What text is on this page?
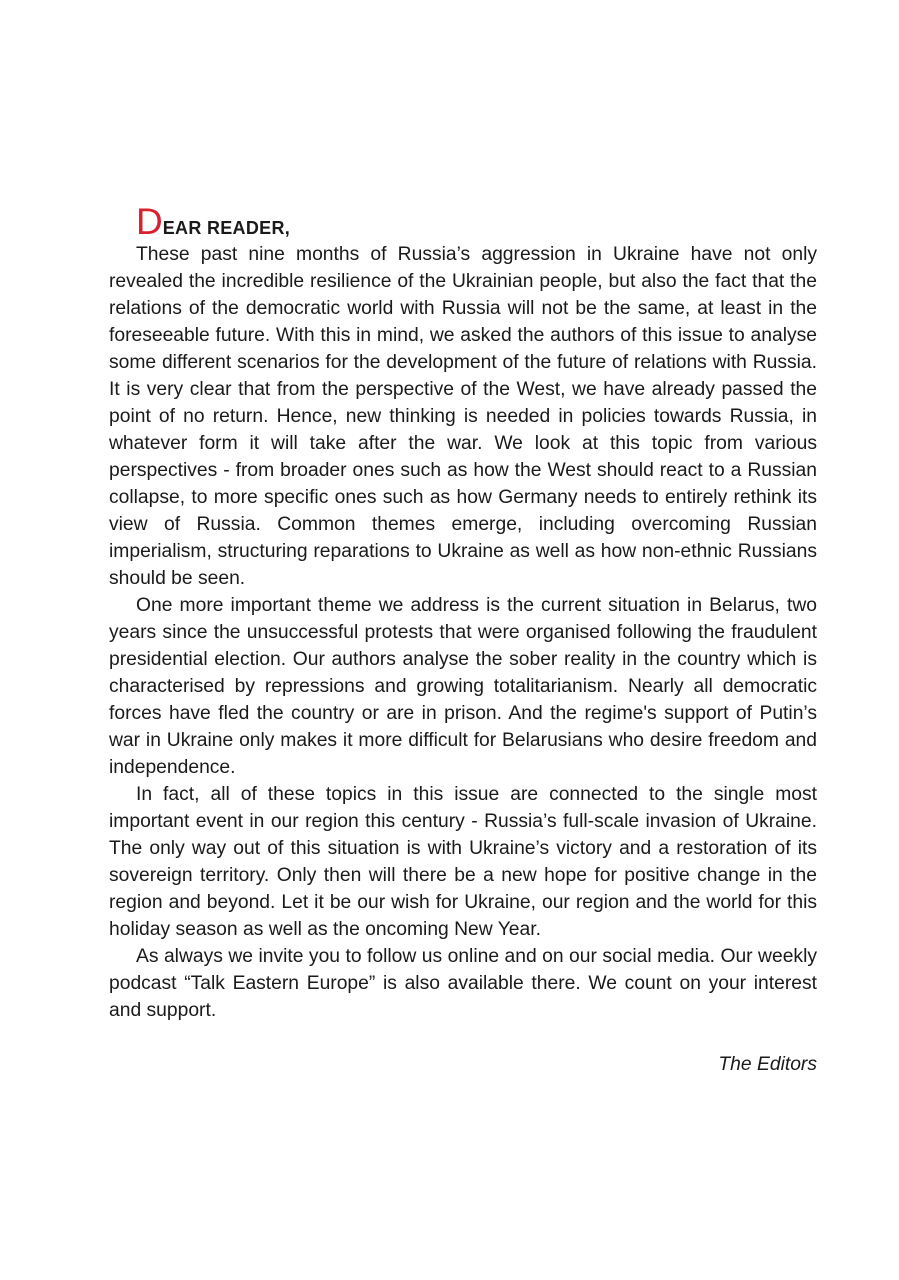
DEAR READER,

These past nine months of Russia’s aggression in Ukraine have not only revealed the incredible resilience of the Ukrainian people, but also the fact that the relations of the democratic world with Russia will not be the same, at least in the foreseeable future. With this in mind, we asked the authors of this issue to analyse some different scenarios for the development of the future of relations with Russia. It is very clear that from the perspective of the West, we have already passed the point of no return. Hence, new thinking is needed in policies towards Russia, in whatever form it will take after the war. We look at this topic from various perspectives - from broader ones such as how the West should react to a Russian collapse, to more specific ones such as how Germany needs to entirely rethink its view of Russia. Common themes emerge, including overcoming Russian imperialism, structuring reparations to Ukraine as well as how non-ethnic Russians should be seen.

One more important theme we address is the current situation in Belarus, two years since the unsuccessful protests that were organised following the fraudulent presidential election. Our authors analyse the sober reality in the country which is characterised by repressions and growing totalitarianism. Nearly all democratic forces have fled the country or are in prison. And the regime's support of Putin’s war in Ukraine only makes it more difficult for Belarusians who desire freedom and independence.

In fact, all of these topics in this issue are connected to the single most important event in our region this century - Russia’s full-scale invasion of Ukraine. The only way out of this situation is with Ukraine’s victory and a restoration of its sovereign territory. Only then will there be a new hope for positive change in the region and beyond. Let it be our wish for Ukraine, our region and the world for this holiday season as well as the oncoming New Year.

As always we invite you to follow us online and on our social media. Our weekly podcast “Talk Eastern Europe” is also available there. We count on your interest and support.

The Editors
